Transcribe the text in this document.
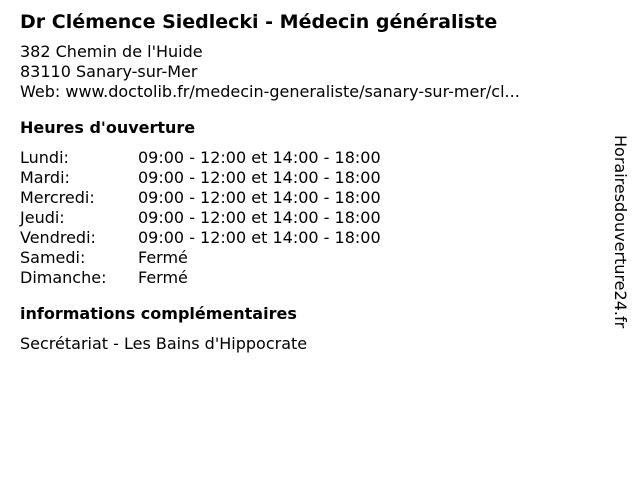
Dr Clémence Siedlecki - Médecin généraliste
382 Chemin de l'Huide
83110 Sanary-sur-Mer
Web: www.doctolib.fr/medecin-generaliste/sanary-sur-mer/cl...
Heures d'ouverture
Lundi:	09:00 - 12:00 et 14:00 - 18:00
Mardi:	09:00 - 12:00 et 14:00 - 18:00
Mercredi:	09:00 - 12:00 et 14:00 - 18:00
Jeudi:	09:00 - 12:00 et 14:00 - 18:00
Vendredi:	09:00 - 12:00 et 14:00 - 18:00
Samedi:	Fermé
Dimanche:	Fermé
informations complémentaires
Secrétariat - Les Bains d'Hippocrate
Horairesdouverture24.fr
